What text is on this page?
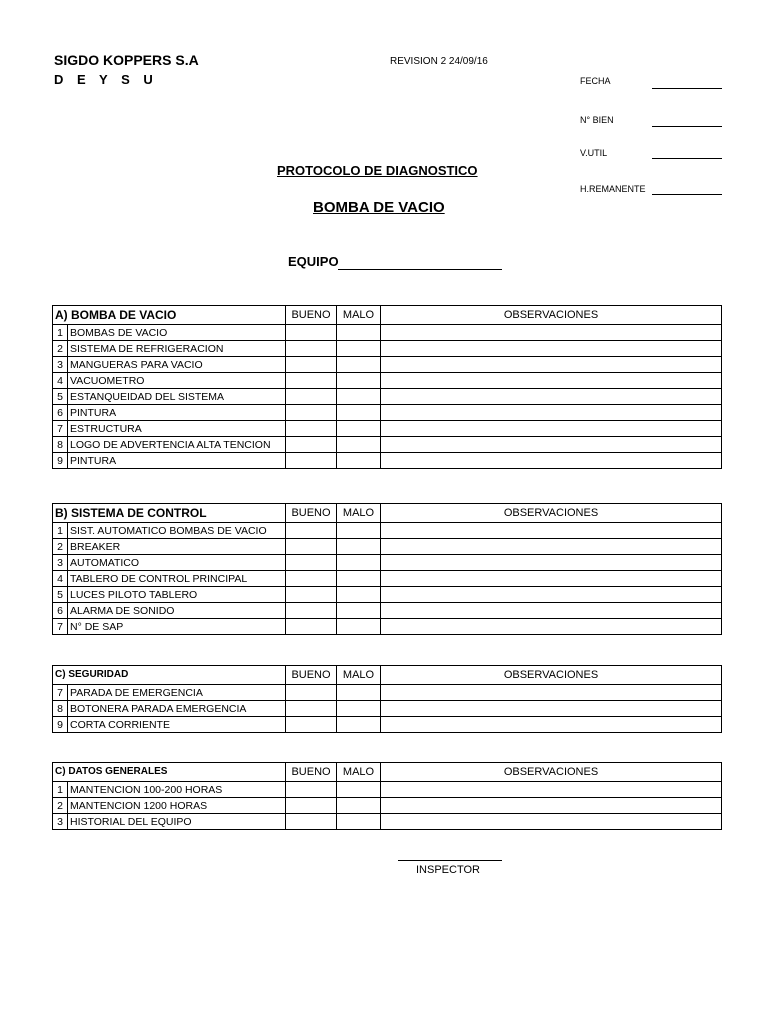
SIGDO KOPPERS S.A
D E Y S U
REVISION 2 24/09/16
FECHA
N° BIEN
V.UTIL
H.REMANENTE
PROTOCOLO DE DIAGNOSTICO
BOMBA DE VACIO
EQUIPO
A) BOMBA DE VACIO		BUENO	MALO	OBSERVACIONES
1	BOMBAS DE VACIO			
2	SISTEMA DE REFRIGERACION			
3	MANGUERAS PARA VACIO			
4	VACUOMETRO			
5	ESTANQUEIDAD DEL SISTEMA			
6	PINTURA			
7	ESTRUCTURA			
8	LOGO DE ADVERTENCIA ALTA TENCION			
9	PINTURA			
B) SISTEMA DE CONTROL		BUENO	MALO	OBSERVACIONES
1	SIST. AUTOMATICO BOMBAS DE VACIO			
2	BREAKER			
3	AUTOMATICO			
4	TABLERO DE CONTROL PRINCIPAL			
5	LUCES PILOTO TABLERO			
6	ALARMA DE SONIDO			
7	N° DE SAP			
C) SEGURIDAD		BUENO	MALO	OBSERVACIONES
7	PARADA DE EMERGENCIA			
8	BOTONERA PARADA EMERGENCIA			
9	CORTA CORRIENTE			
C) DATOS GENERALES		BUENO	MALO	OBSERVACIONES
1	MANTENCION 100-200 HORAS			
2	MANTENCION 1200 HORAS			
3	HISTORIAL DEL EQUIPO			
INSPECTOR
